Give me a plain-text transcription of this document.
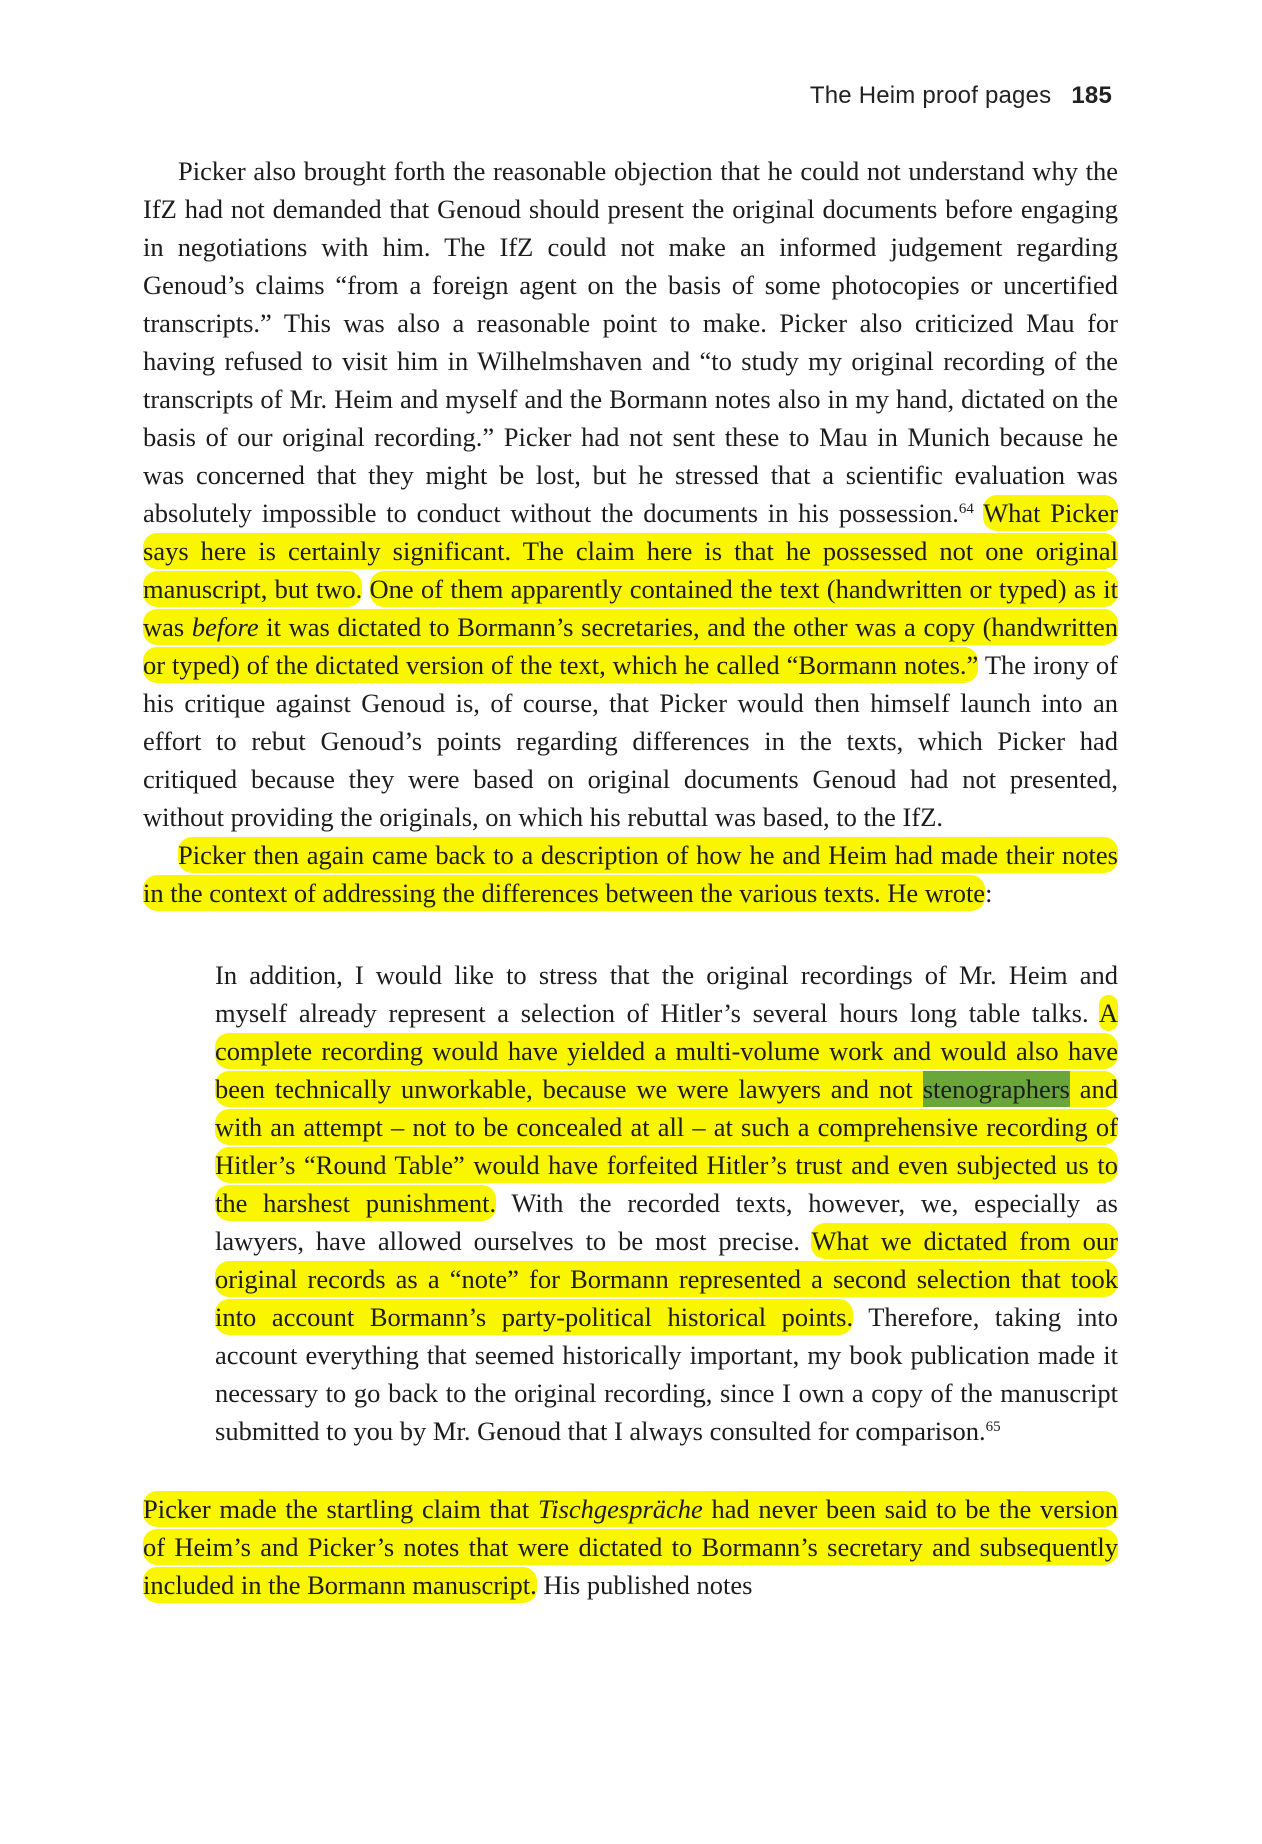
The Heim proof pages 185

Picker also brought forth the reasonable objection that he could not understand why the IfZ had not demanded that Genoud should present the original documents before engaging in negotiations with him. The IfZ could not make an informed judgement regarding Genoud’s claims “from a foreign agent on the basis of some photocopies or uncertified transcripts.” This was also a reasonable point to make. Picker also criticized Mau for having refused to visit him in Wilhelmshaven and “to study my original recording of the transcripts of Mr. Heim and myself and the Bormann notes also in my hand, dictated on the basis of our original recording.” Picker had not sent these to Mau in Munich because he was concerned that they might be lost, but he stressed that a scientific evaluation was absolutely impossible to conduct without the documents in his possession.$^{64}$ What Picker says here is certainly significant. The claim here is that he possessed not one original manuscript, but two. One of them apparently contained the text (handwritten or typed) as it was before it was dictated to Bormann’s secretaries, and the other was a copy (handwritten or typed) of the dictated version of the text, which he called “Bormann notes.” The irony of his critique against Genoud is, of course, that Picker would then himself launch into an effort to rebut Genoud’s points regarding differences in the texts, which Picker had critiqued because they were based on original documents Genoud had not presented, without providing the originals, on which his rebuttal was based, to the IfZ.

Picker then again came back to a description of how he and Heim had made their notes in the context of addressing the differences between the various texts. He wrote:

In addition, I would like to stress that the original recordings of Mr. Heim and myself already represent a selection of Hitler’s several hours long table talks. A complete recording would have yielded a multi-volume work and would also have been technically unworkable, because we were lawyers and not stenographers and with an attempt – not to be concealed at all – at such a comprehensive recording of Hitler’s “Round Table” would have forfeited Hitler’s trust and even subjected us to the harshest punishment. With the recorded texts, however, we, especially as lawyers, have allowed ourselves to be most precise. What we dictated from our original records as a “note” for Bormann represented a second selection that took into account Bormann’s party-political historical points. Therefore, taking into account everything that seemed historically important, my book publication made it necessary to go back to the original recording, since I own a copy of the manuscript submitted to you by Mr. Genoud that I always consulted for comparison.$^{65}$

Picker made the startling claim that Tischgespräche had never been said to be the version of Heim’s and Picker’s notes that were dictated to Bormann’s secretary and subsequently included in the Bormann manuscript. His published notes
